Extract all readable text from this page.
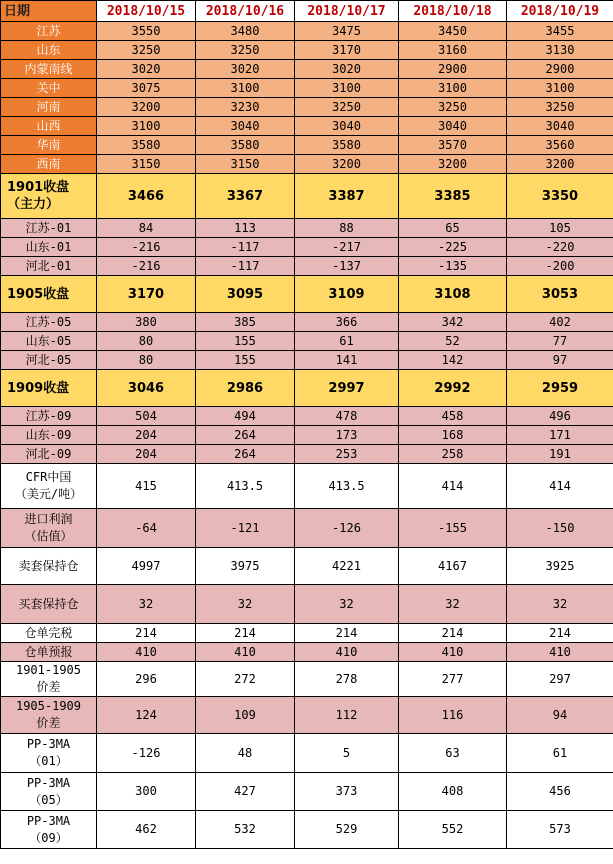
日期	2018/10/15	2018/10/16	2018/10/17	2018/10/18	2018/10/19
江苏	3550	3480	3475	3450	3455
山东	3250	3250	3170	3160	3130
内蒙南线	3020	3020	3020	2900	2900
关中	3075	3100	3100	3100	3100
河南	3200	3230	3250	3250	3250
山西	3100	3040	3040	3040	3040
华南	3580	3580	3580	3570	3560
西南	3150	3150	3200	3200	3200

1901收盘
（主力）	3466	3367	3387	3385	3350
江苏-01	84	113	88	65	105
山东-01	-216	-117	-217	-225	-220
河北-01	-216	-117	-137	-135	-200
1905收盘	3170	3095	3109	3108	3053
江苏-05	380	385	366	342	402
山东-05	80	155	61	52	77
河北-05	80	155	141	142	97
1909收盘	3046	2986	2997	2992	2959
江苏-09	504	494	478	458	496
山东-09	204	264	173	168	171
河北-09	204	264	253	258	191

CFR中国
（美元/吨）	415	413.5	413.5	414	414

进口利润
（估值）	-64	-121	-126	-155	-150
卖套保持仓	4997	3975	4221	4167	3925
买套保持仓	32	32	32	32	32
仓单完税	214	214	214	214	214
仓单预报	410	410	410	410	410

1901-1905
价差	296	272	278	277	297

1905-1909
价差	124	109	112	116	94

PP-3MA
（01）	-126	48	5	63	61

PP-3MA
（05）	300	427	373	408	456

PP-3MA
（09）	462	532	529	552	573
